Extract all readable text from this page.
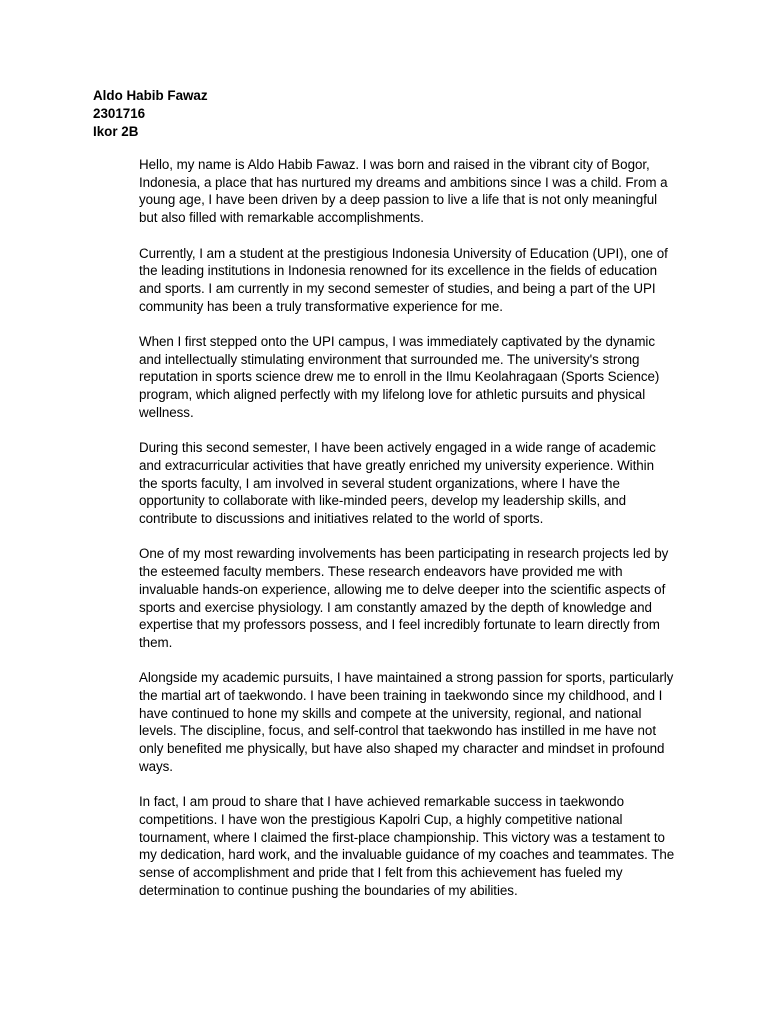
Aldo Habib Fawaz

2301716

Ikor 2B

Hello, my name is Aldo Habib Fawaz. I was born and raised in the vibrant city of Bogor, Indonesia, a place that has nurtured my dreams and ambitions since I was a child. From a young age, I have been driven by a deep passion to live a life that is not only meaningful but also filled with remarkable accomplishments.

Currently, I am a student at the prestigious Indonesia University of Education (UPI), one of the leading institutions in Indonesia renowned for its excellence in the fields of education and sports. I am currently in my second semester of studies, and being a part of the UPI community has been a truly transformative experience for me.

When I first stepped onto the UPI campus, I was immediately captivated by the dynamic and intellectually stimulating environment that surrounded me. The university's strong reputation in sports science drew me to enroll in the Ilmu Keolahragaan (Sports Science) program, which aligned perfectly with my lifelong love for athletic pursuits and physical wellness.

During this second semester, I have been actively engaged in a wide range of academic and extracurricular activities that have greatly enriched my university experience. Within the sports faculty, I am involved in several student organizations, where I have the opportunity to collaborate with like-minded peers, develop my leadership skills, and contribute to discussions and initiatives related to the world of sports.

One of my most rewarding involvements has been participating in research projects led by the esteemed faculty members. These research endeavors have provided me with invaluable hands-on experience, allowing me to delve deeper into the scientific aspects of sports and exercise physiology. I am constantly amazed by the depth of knowledge and expertise that my professors possess, and I feel incredibly fortunate to learn directly from them.

Alongside my academic pursuits, I have maintained a strong passion for sports, particularly the martial art of taekwondo. I have been training in taekwondo since my childhood, and I have continued to hone my skills and compete at the university, regional, and national levels. The discipline, focus, and self-control that taekwondo has instilled in me have not only benefited me physically, but have also shaped my character and mindset in profound ways.

In fact, I am proud to share that I have achieved remarkable success in taekwondo competitions. I have won the prestigious Kapolri Cup, a highly competitive national tournament, where I claimed the first-place championship. This victory was a testament to my dedication, hard work, and the invaluable guidance of my coaches and teammates. The sense of accomplishment and pride that I felt from this achievement has fueled my determination to continue pushing the boundaries of my abilities.
